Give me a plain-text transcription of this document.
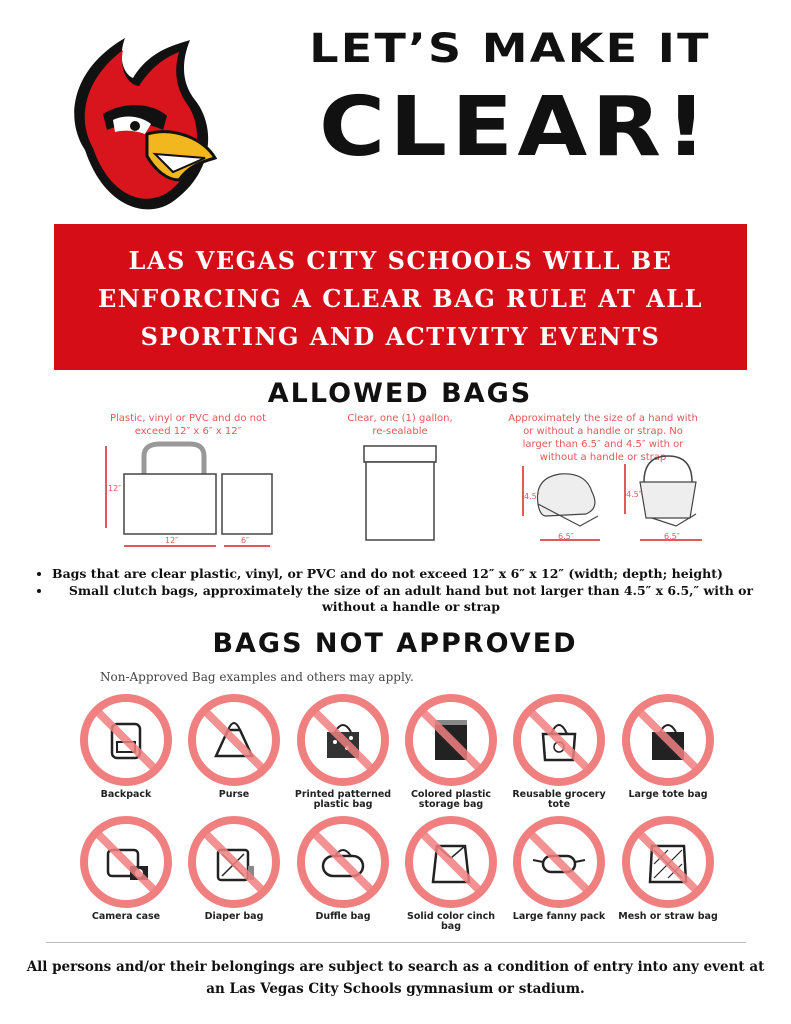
LET’S MAKE IT
CLEAR!
LAS VEGAS CITY SCHOOLS WILL BE ENFORCING A CLEAR BAG RULE AT ALL SPORTING AND ACTIVITY EVENTS
ALLOWED BAGS
Plastic, vinyl or PVC and do not exceed 12″ x 6″ x 12″
Clear, one (1) gallon, re-sealable
Approximately the size of a hand with or without a handle or strap. No larger than 6.5″ and 4.5″ with or without a handle or strap
12″
12″	6″
4.5″
6.5″
4.5″
6.5″
• Bags that are clear plastic, vinyl, or PVC and do not exceed 12″ x 6″ x 12″ (width; depth; height)
• Small clutch bags, approximately the size of an adult hand but not larger than 4.5″ x 6.5,″ with or without a handle or strap
BAGS NOT APPROVED
Non-Approved Bag examples and others may apply.
Backpack	Purse	Printed patterned plastic bag
Colored plastic storage bag
Reusable grocery tote
Large tote bag
Camera case	Diaper bag	Duffle bag	Solid color cinch bag
Large fanny pack	Mesh or straw bag
All persons and/or their belongings are subject to search as a condition of entry into any event at an Las Vegas City Schools gymnasium or stadium.
